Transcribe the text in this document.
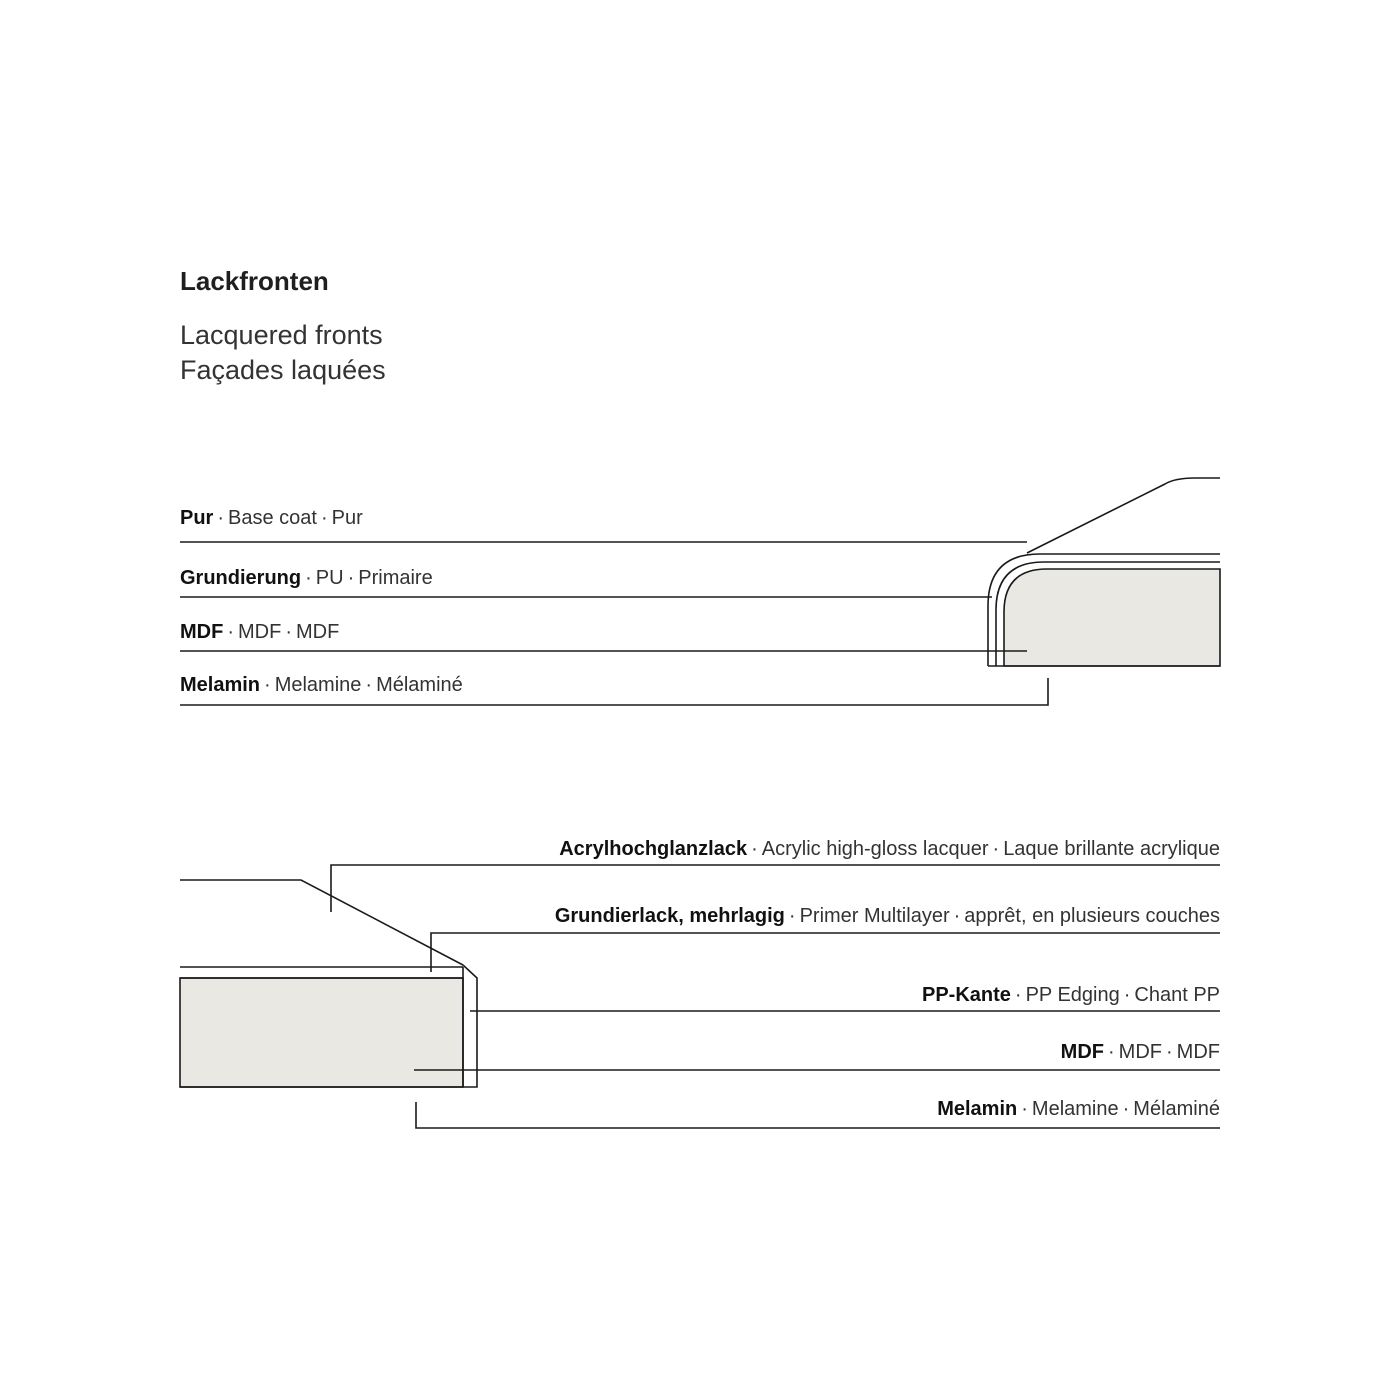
Lackfronten
Lacquered fronts
Façades laquées
Pur · Base coat · Pur
Grundierung · PU · Primaire
MDF · MDF · MDF
Melamin · Melamine · Mélaminé
Acrylhochglanzlack · Acrylic high-gloss lacquer · Laque brillante acrylique
Grundierlack, mehrlagig · Primer Multilayer · apprêt, en plusieurs couches
PP-Kante · PP Edging · Chant PP
MDF · MDF · MDF
Melamin · Melamine · Mélaminé
